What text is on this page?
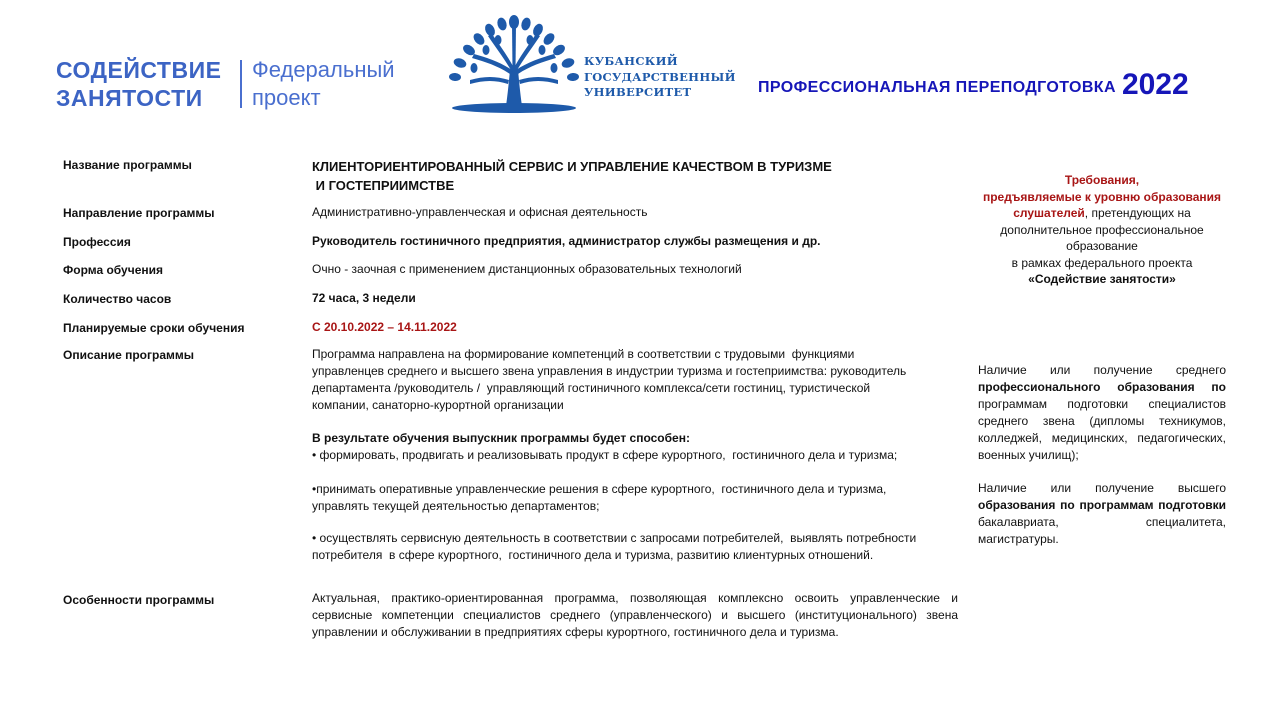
СОДЕЙСТВИЕ
ЗАНЯТОСТИ
Федеральный
проект
КУБАНСКИЙ
ГОСУДАРСТВЕННЫЙ
УНИВЕРСИТЕТ	ПРОФЕССИОНАЛЬНАЯ ПЕРЕПОДГОТОВКА 2022
Название программы	КЛИЕНТОРИЕНТИРОВАННЫЙ СЕРВИС И УПРАВЛЕНИЕ КАЧЕСТВОМ В ТУРИЗМЕ
И ГОСТЕПРИИМСТВЕ
Направление программы	Административно-управленческая и офисная деятельность
Профессия	Руководитель гостиничного предприятия, администратор службы размещения и др.
Форма обучения	Очно - заочная с применением дистанционных образовательных технологий
Количество часов	72 часа, 3 недели
Планируемые сроки обучения	С 20.10.2022 – 14.11.2022
Описание программы	Программа направлена на формирование компетенций в соответствии с трудовыми  функциями

управленцев среднего и высшего звена управления в индустрии туризма и гостеприимства: руководитель

департамента /руководитель /  управляющий гостиничного комплекса/сети гостиниц, туристической

компании, санаторно-курортной организации

В результате обучения выпускник программы будет способен:

• формировать, продвигать и реализовывать продукт в сфере курортного,  гостиничного дела и туризма;

•принимать оперативные управленческие решения в сфере курортного,  гостиничного дела и туризма,

управлять текущей деятельностью департаментов;

• осуществлять сервисную деятельность в соответствии с запросами потребителей,  выявлять потребности

потребителя  в сфере курортного,  гостиничного дела и туризма, развитию клиентурных отношений.

Особенности программы	Актуальная, практико-ориентированная программа, позволяющая комплексно освоить управленческие и сервисные компетенции специалистов среднего (управленческого) и высшего (институционального) звена управлении и обслуживании в предприятиях сферы курортного, гостиничного дела и туризма.
Требования,
предъявляемые к уровню образования
слушателей, претендующих на
дополнительное профессиональное
образование
в рамках федерального проекта
«Содействие занятости»
Наличие или получение среднего профессионального образования по программам подготовки специалистов среднего звена (дипломы техникумов, колледжей, медицинских, педагогических, военных училищ);
Наличие или получение высшего образования по программам подготовки бакалавриата, специалитета, магистратуры.
